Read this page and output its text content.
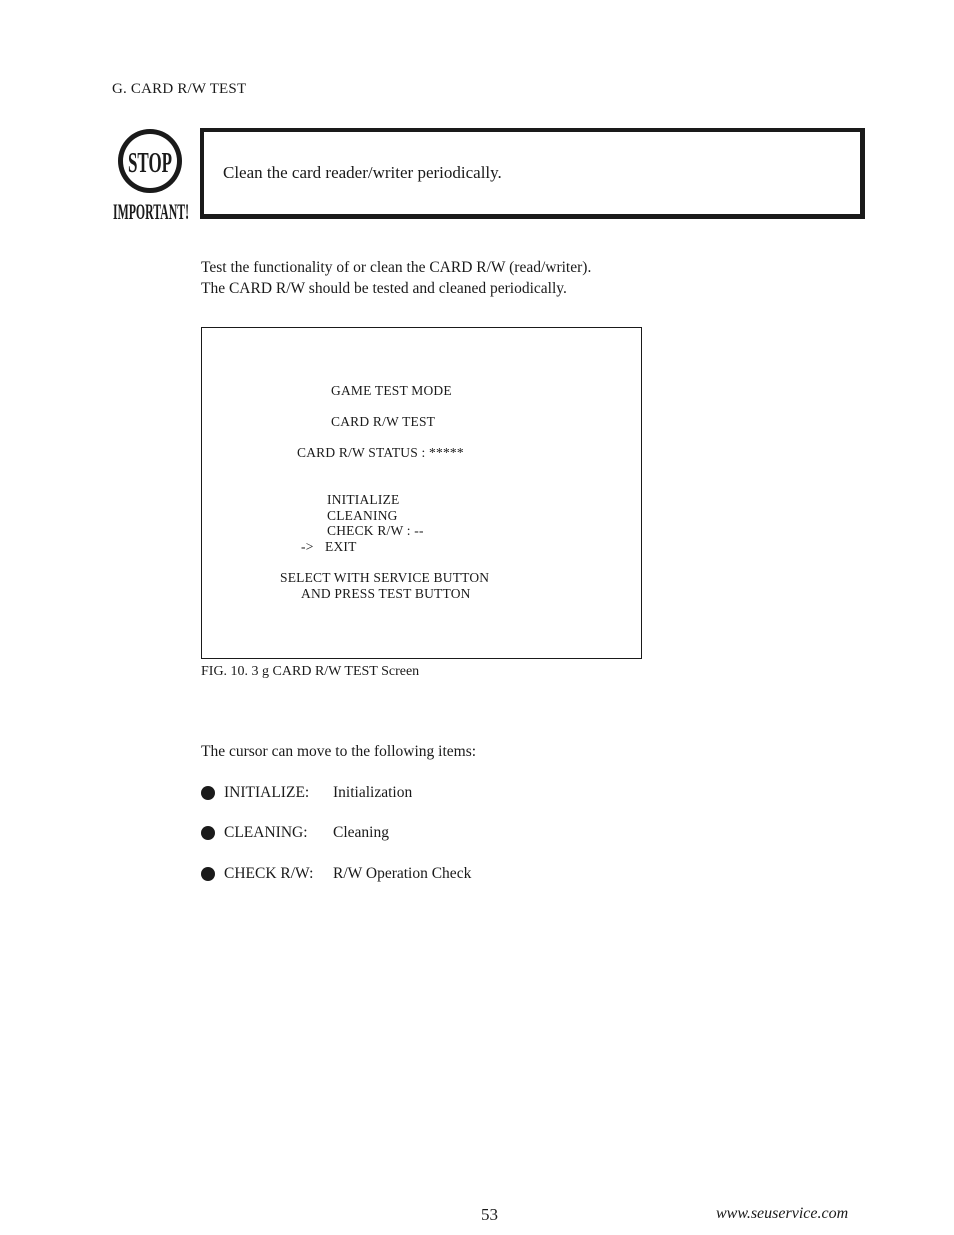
G. CARD R/W TEST
STOP
IMPORTANT!
Clean the card reader/writer periodically.
Test the functionality of or clean the CARD R/W (read/writer).
The CARD R/W should be tested and cleaned periodically.
GAME TEST MODE
CARD R/W TEST
CARD R/W STATUS : *****
INITIALIZE
CLEANING
CHECK R/W : --
-> EXIT
SELECT WITH SERVICE BUTTON
AND PRESS TEST BUTTON
FIG. 10. 3 g CARD R/W TEST Screen
The cursor can move to the following items:
INITIALIZE: Initialization
CLEANING: Cleaning
CHECK R/W: R/W Operation Check
53	www.seuservice.com
